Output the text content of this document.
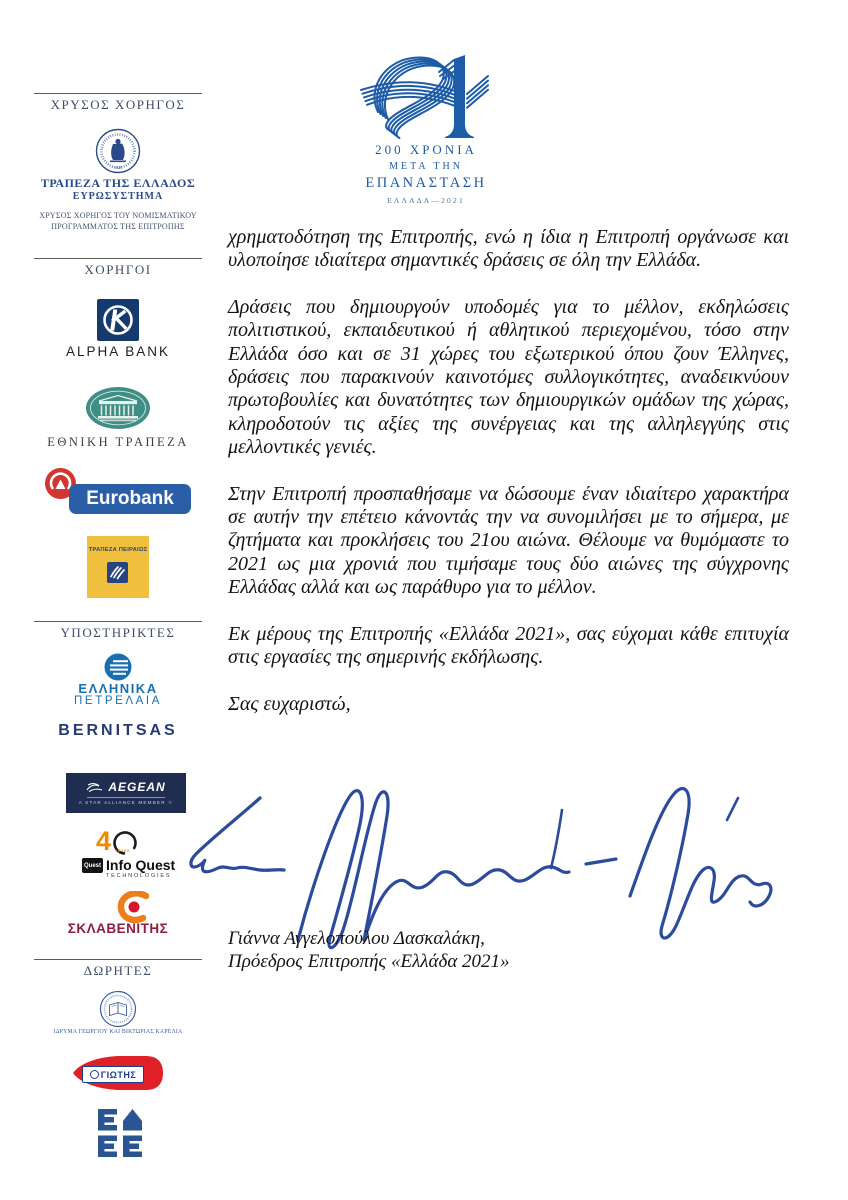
200 ΧΡΟΝΙΑ
ΜΕΤΑ ΤΗΝ
ΕΠΑΝΑΣΤΑΣΗ
ΕΛΛΑΔΑ—2021
ΧΡΥΣΟΣ ΧΟΡΗΓΟΣ
1928
ΤΡΑΠΕΖΑ ΤΗΣ ΕΛΛΑΔΟΣ
ΕΥΡΩΣΥΣΤΗΜΑ
ΧΡΥΣΟΣ ΧΟΡΗΓΟΣ ΤΟΥ ΝΟΜΙΣΜΑΤΙΚΟΥ ΠΡΟΓΡΑΜΜΑΤΟΣ ΤΗΣ ΕΠΙΤΡΟΠΗΣ
ΧΟΡΗΓΟΙ
ALPHA BANK
ΕΘΝΙΚΗ ΤΡΑΠΕΖΑ
Eurobank
ΤΡΑΠΕΖΑ ΠΕΙΡΑΙΩΣ
ΥΠΟΣΤΗΡΙΚΤΕΣ
ΕΛΛΗΝΙΚΑ
ΠΕΤΡΕΛΑΙΑ
BERNITSAS
AEGEAN
A STAR ALLIANCE MEMBER ✩
4 YEARS
Quest Info Quest
TECHNOLOGIES
ΣΚΛΑΒΕΝΙΤΗΣ
ΔΩΡΗΤΕΣ
ΙΔΡΥΜΑ ΓΕΩΡΓΙΟΥ ΚΑΙ ΒΙΚΤΩΡΙΑΣ ΚΑΡΕΛΙΑ
ΓΙΩΤΗΣ

χρηματοδότηση της Επιτροπής, ενώ η ίδια η Επιτροπή οργάνωσε και υλοποίησε ιδιαίτερα σημαντικές δράσεις σε όλη την Ελλάδα.

Δράσεις που δημιουργούν υποδομές για το μέλλον, εκδηλώσεις πολιτιστικού, εκπαιδευτικού ή αθλητικού περιεχομένου, τόσο στην Ελλάδα όσο και σε 31 χώρες του εξωτερικού όπου ζουν Έλληνες, δράσεις που παρακινούν καινοτόμες συλλογικότητες, αναδεικνύουν πρωτοβουλίες και δυνατότητες των δημιουργικών ομάδων της χώρας, κληροδοτούν τις αξίες της συνέργειας και της αλληλεγγύης στις μελλοντικές γενιές.

Στην Επιτροπή προσπαθήσαμε να δώσουμε έναν ιδιαίτερο χαρακτήρα σε αυτήν την επέτειο κάνοντάς την να συνομιλήσει με το σήμερα, με ζητήματα και προκλήσεις του 21ου αιώνα. Θέλουμε να θυμόμαστε το 2021 ως μια χρονιά που τιμήσαμε τους δύο αιώνες της σύγχρονης Ελλάδας αλλά και ως παράθυρο για το μέλλον.

Εκ μέρους της Επιτροπής «Ελλάδα 2021», σας εύχομαι κάθε επιτυχία στις εργασίες της σημερινής εκδήλωσης.

Σας ευχαριστώ,

Γιάννα Αγγελοπούλου Δασκαλάκη,
Πρόεδρος Επιτροπής «Ελλάδα 2021»
